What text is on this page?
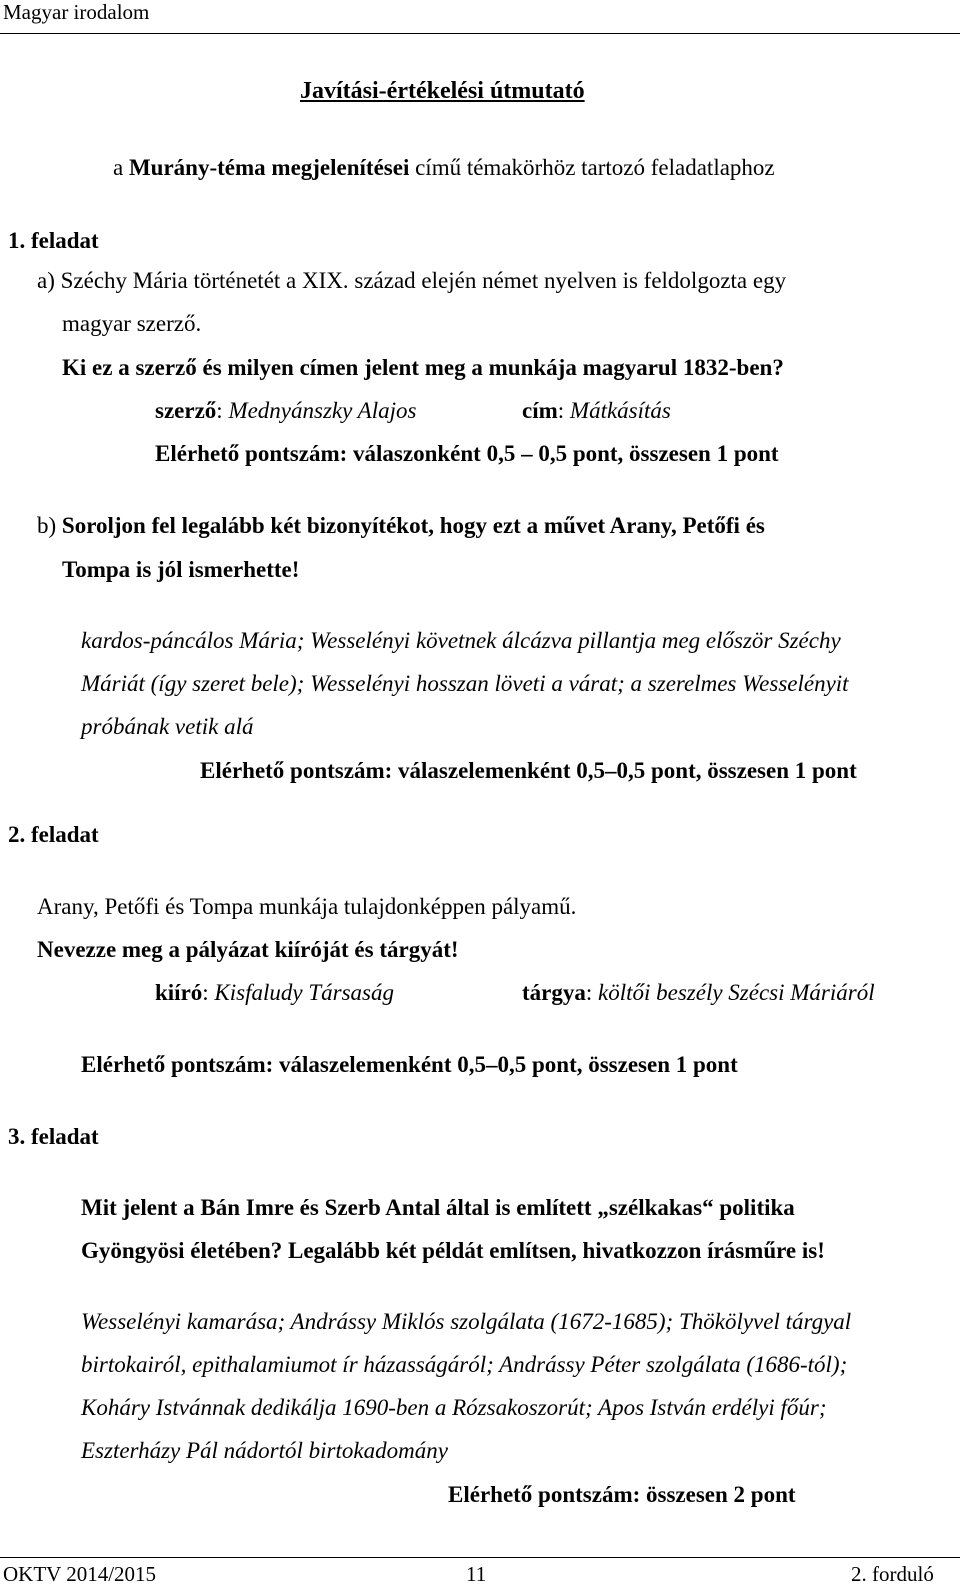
Magyar irodalom
Javítási-értékelési útmutató
a Murány-téma megjelenítései című témakörhöz tartozó feladatlaphoz
1. feladat
a) Széchy Mária történetét a XIX. század elején német nyelven is feldolgozta egy
magyar szerző.
Ki ez a szerző és milyen címen jelent meg a munkája magyarul 1832-ben?
szerző: Mednyánszky Alajos	cím: Mátkásítás
Elérhető pontszám: válaszonként 0,5 – 0,5 pont, összesen 1 pont
b) Soroljon fel legalább két bizonyítékot, hogy ezt a művet Arany, Petőfi és
Tompa is jól ismerhette!
kardos-páncálos Mária; Wesselényi követnek álcázva pillantja meg először Széchy
Máriát (így szeret bele); Wesselényi hosszan löveti a várat; a szerelmes Wesselényit
próbának vetik alá
Elérhető pontszám: válaszelemenként 0,5–0,5 pont, összesen 1 pont
2. feladat
Arany, Petőfi és Tompa munkája tulajdonképpen pályamű.
Nevezze meg a pályázat kiíróját és tárgyát!
kiíró: Kisfaludy Társaság	tárgya: költői beszély Szécsi Máriáról
Elérhető pontszám: válaszelemenként 0,5–0,5 pont, összesen 1 pont
3. feladat
Mit jelent a Bán Imre és Szerb Antal által is említett „szélkakas“ politika
Gyöngyösi életében? Legalább két példát említsen, hivatkozzon írásműre is!
Wesselényi kamarása; Andrássy Miklós szolgálata (1672-1685); Thökölyvel tárgyal
birtokairól, epithalamiumot ír házasságáról; Andrássy Péter szolgálata (1686-tól);
Koháry Istvánnak dedikálja 1690-ben a Rózsakoszorút; Apos István erdélyi főúr;
Eszterházy Pál nádortól birtokadomány
Elérhető pontszám: összesen 2 pont
OKTV 2014/2015	11	2. forduló
